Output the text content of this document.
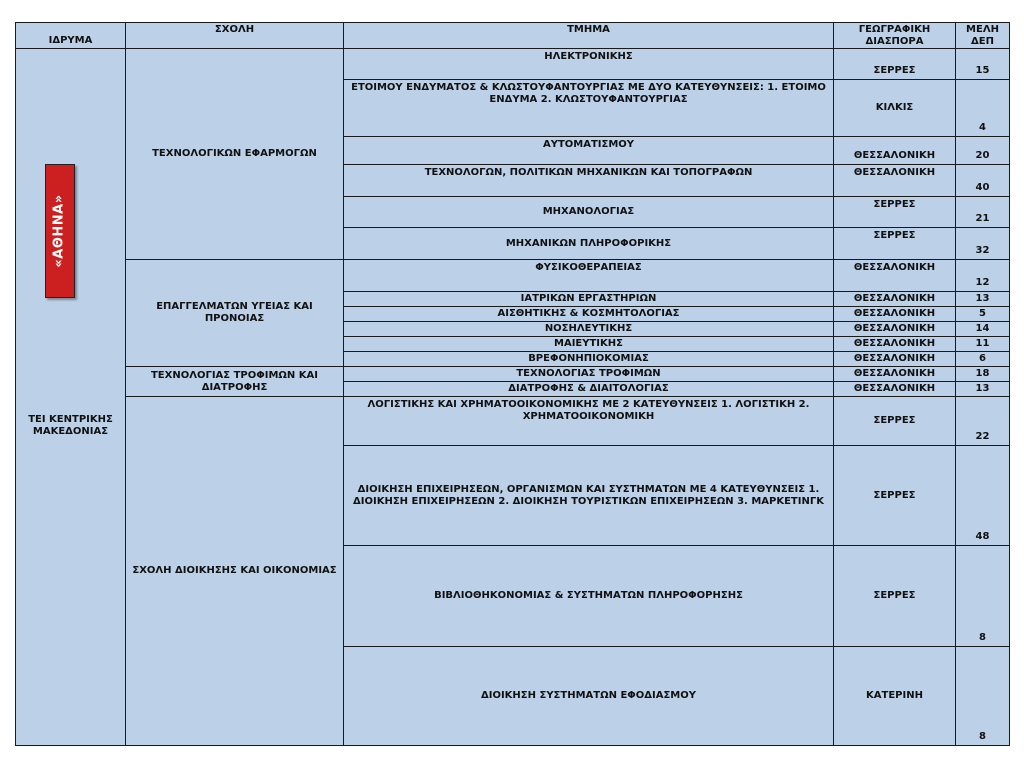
ΙΔΡΥΜΑ	ΣΧΟΛΗ	ΤΜΗΜΑ	ΓΕΩΓΡΑΦΙΚΗ ΔΙΑΣΠΟΡΑ	ΜΕΛΗ ΔΕΠ

«ΑΘΗΝΑ»
ΤΕΙ ΚΕΝΤΡΙΚΗΣ ΜΑΚΕΔΟΝΙΑΣ	ΤΕΧΝΟΛΟΓΙΚΩΝ ΕΦΑΡΜΟΓΩΝ	ΗΛΕΚΤΡΟΝΙΚΗΣ	ΣΕΡΡΕΣ	15
		ΕΤΟΙΜΟΥ ΕΝΔΥΜΑΤΟΣ & ΚΛΩΣΤΟΥΦΑΝΤΟΥΡΓΙΑΣ ΜΕ ΔΥΟ ΚΑΤΕΥΘΥΝΣΕΙΣ: 1. ΕΤΟΙΜΟ ΕΝΔΥΜΑ 2. ΚΛΩΣΤΟΥΦΑΝΤΟΥΡΓΙΑΣ	ΚΙΛΚΙΣ	4
		ΑΥΤΟΜΑΤΙΣΜΟΥ	ΘΕΣΣΑΛΟΝΙΚΗ	20
		ΤΕΧΝΟΛΟΓΩΝ, ΠΟΛΙΤΙΚΩΝ ΜΗΧΑΝΙΚΩΝ ΚΑΙ ΤΟΠΟΓΡΑΦΩΝ	ΘΕΣΣΑΛΟΝΙΚΗ	40
		ΜΗΧΑΝΟΛΟΓΙΑΣ	ΣΕΡΡΕΣ	21
		ΜΗΧΑΝΙΚΩΝ ΠΛΗΡΟΦΟΡΙΚΗΣ	ΣΕΡΡΕΣ	32
	ΕΠΑΓΓΕΛΜΑΤΩΝ ΥΓΕΙΑΣ ΚΑΙ ΠΡΟΝΟΙΑΣ	ΦΥΣΙΚΟΘΕΡΑΠΕΙΑΣ	ΘΕΣΣΑΛΟΝΙΚΗ	12
		ΙΑΤΡΙΚΩΝ ΕΡΓΑΣΤΗΡΙΩΝ	ΘΕΣΣΑΛΟΝΙΚΗ	13
		ΑΙΣΘΗΤΙΚΗΣ & ΚΟΣΜΗΤΟΛΟΓΙΑΣ	ΘΕΣΣΑΛΟΝΙΚΗ	5
		ΝΟΣΗΛΕΥΤΙΚΗΣ	ΘΕΣΣΑΛΟΝΙΚΗ	14
		ΜΑΙΕΥΤΙΚΗΣ	ΘΕΣΣΑΛΟΝΙΚΗ	11
		ΒΡΕΦΟΝΗΠΙΟΚΟΜΙΑΣ	ΘΕΣΣΑΛΟΝΙΚΗ	6
	ΤΕΧΝΟΛΟΓΙΑΣ ΤΡΟΦΙΜΩΝ ΚΑΙ ΔΙΑΤΡΟΦΗΣ	ΤΕΧΝΟΛΟΓΙΑΣ ΤΡΟΦΙΜΩΝ	ΘΕΣΣΑΛΟΝΙΚΗ	18
		ΔΙΑΤΡΟΦΗΣ & ΔΙΑΙΤΟΛΟΓΙΑΣ	ΘΕΣΣΑΛΟΝΙΚΗ	13
	ΣΧΟΛΗ ΔΙΟΙΚΗΣΗΣ ΚΑΙ ΟΙΚΟΝΟΜΙΑΣ	ΛΟΓΙΣΤΙΚΗΣ ΚΑΙ ΧΡΗΜΑΤΟΟΙΚΟΝΟΜΙΚΗΣ ΜΕ 2 ΚΑΤΕΥΘΥΝΣΕΙΣ 1. ΛΟΓΙΣΤΙΚΗ 2. ΧΡΗΜΑΤΟΟΙΚΟΝΟΜΙΚΗ	ΣΕΡΡΕΣ	22
		ΔΙΟΙΚΗΣΗ ΕΠΙΧΕΙΡΗΣΕΩΝ, ΟΡΓΑΝΙΣΜΩΝ ΚΑΙ ΣΥΣΤΗΜΑΤΩΝ ΜΕ 4 ΚΑΤΕΥΘΥΝΣΕΙΣ 1. ΔΙΟΙΚΗΣΗ ΕΠΙΧΕΙΡΗΣΕΩΝ 2. ΔΙΟΙΚΗΣΗ ΤΟΥΡΙΣΤΙΚΩΝ ΕΠΙΧΕΙΡΗΣΕΩΝ 3. ΜΑΡΚΕΤΙΝΓΚ	ΣΕΡΡΕΣ	48
		ΒΙΒΛΙΟΘΗΚΟΝΟΜΙΑΣ & ΣΥΣΤΗΜΑΤΩΝ ΠΛΗΡΟΦΟΡΗΣΗΣ	ΣΕΡΡΕΣ	8
		ΔΙΟΙΚΗΣΗ ΣΥΣΤΗΜΑΤΩΝ ΕΦΟΔΙΑΣΜΟΥ	ΚΑΤΕΡΙΝΗ	8
